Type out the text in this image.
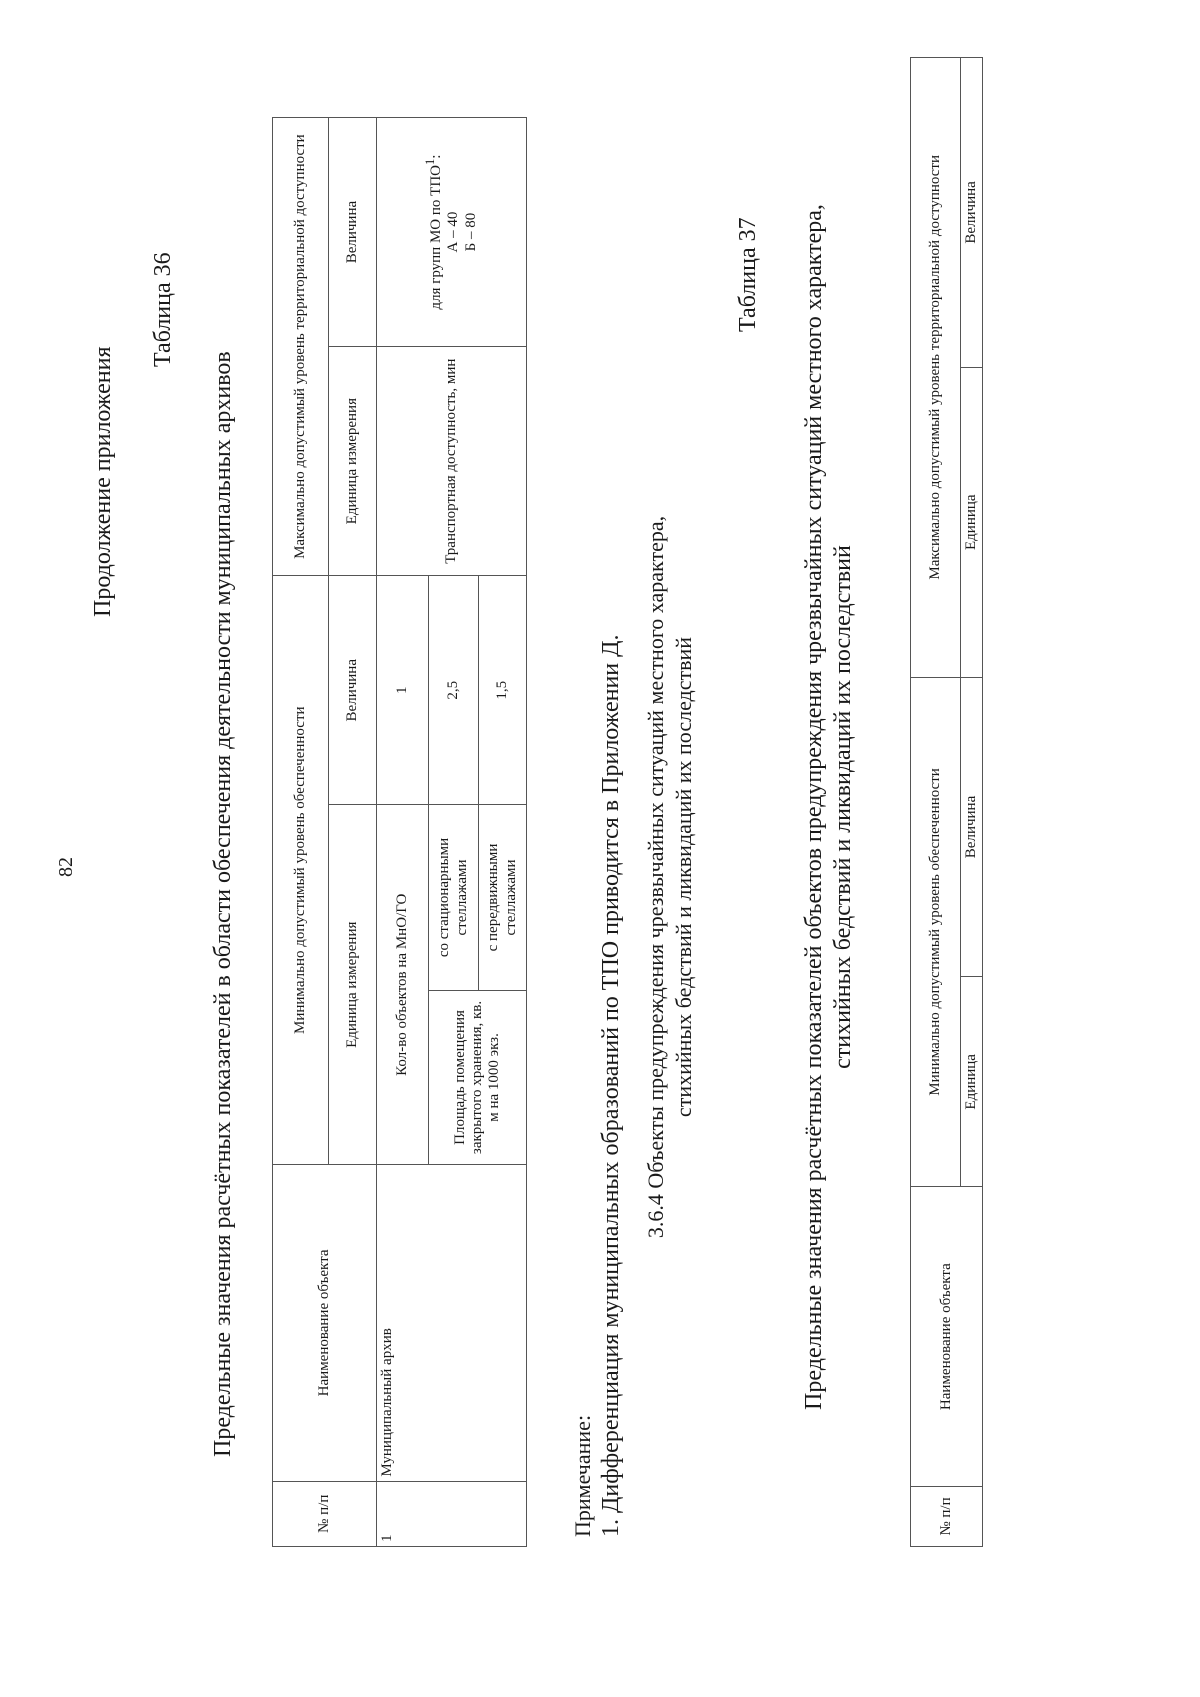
82
Продолжение приложения
Таблица 36
Предельные значения расчётных показателей в области обеспечения деятельности муниципальных архивов
№ п/п	Наименование объекта	Минимально допустимый уровень обеспеченности			Максимально допустимый уровень территориальной доступности	
		Единица измерения		Величина	Единица измерения	Величина
1	Муниципальный архив	Кол-во объектов на МнО/ГО		1	Транспортная доступность, мин	для групп МО по ТПО$^1$:
А – 40
Б – 80
		Площадь помещения закрытого хранения, кв. м на 1000 экз.	со стационарными стеллажами	2,5		
			с передвижными стеллажами	1,5		
Примечание: 1. Дифференциация муниципальных образований по ТПО приводится в Приложении Д. 3.6.4 Объекты предупреждения чрезвычайных ситуаций местного характера, стихийных бедствий и ликвидаций их последствий
Таблица 37 Предельные значения расчётных показателей объектов предупреждения чрезвычайных ситуаций местного характера, стихийных бедствий и ликвидаций их последствий
№ п/п	Наименование объекта	Минимально допустимый уровень обеспеченности		Максимально допустимый уровень территориальной доступности	
		Единица	Величина	Единица	Величина
